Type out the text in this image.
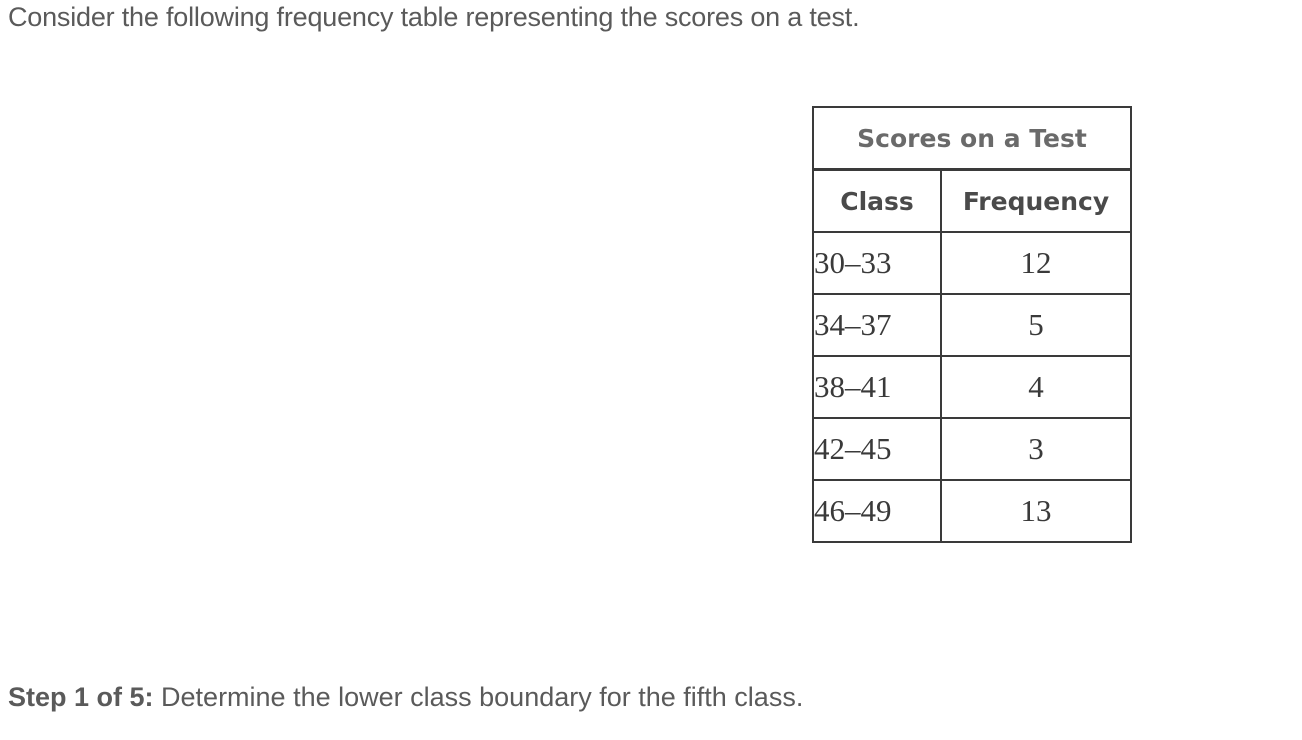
Consider the following frequency table representing the scores on a test.
Scores on a Test	
Class	Frequency
30–33	12
34–37	5
38–41	4
42–45	3
46–49	13
Step 1 of 5: Determine the lower class boundary for the fifth class.
